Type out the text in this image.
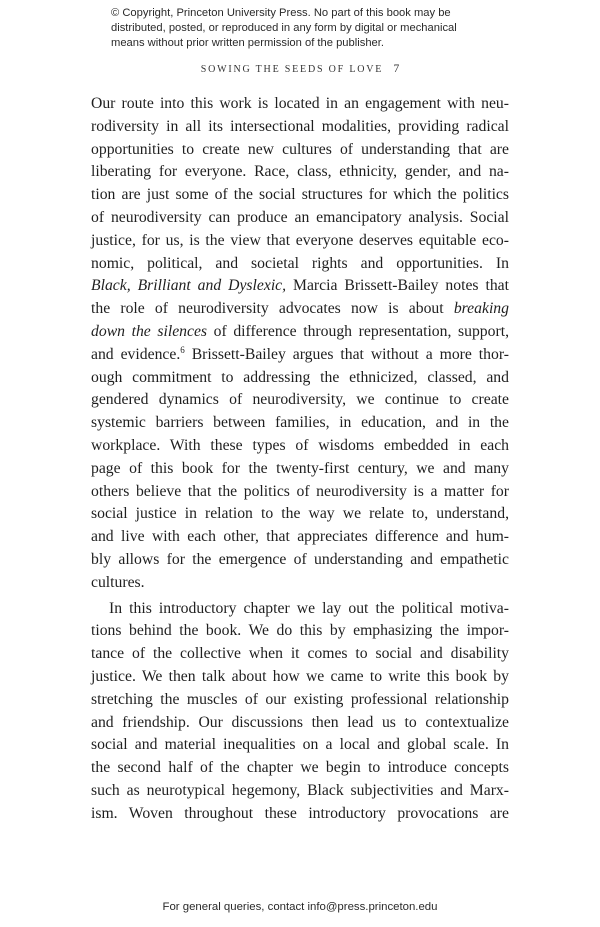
© Copyright, Princeton University Press. No part of this book may be
distributed, posted, or reproduced in any form by digital or mechanical
means without prior written permission of the publisher.
SOWING THE SEEDS OF LOVE 7
Our route into this work is located in an engagement with neu-
rodiversity in all its intersectional modalities, providing radical
opportunities to create new cultures of understanding that are
liberating for everyone. Race, class, ethnicity, gender, and na-
tion are just some of the social structures for which the politics
of neurodiversity can produce an emancipatory analysis. Social
justice, for us, is the view that everyone deserves equitable eco-
nomic, political, and societal rights and opportunities. In
Black, Brilliant and Dyslexic, Marcia Brissett-Bailey notes that
the role of neurodiversity advocates now is about breaking
down the silences of difference through representation, support,
and evidence.$^6$ Brissett-Bailey argues that without a more thor-
ough commitment to addressing the ethnicized, classed, and
gendered dynamics of neurodiversity, we continue to create
systemic barriers between families, in education, and in the
workplace. With these types of wisdoms embedded in each
page of this book for the twenty-first century, we and many
others believe that the politics of neurodiversity is a matter for
social justice in relation to the way we relate to, understand,
and live with each other, that appreciates difference and hum-
bly allows for the emergence of understanding and empathetic
cultures.
In this introductory chapter we lay out the political motiva-
tions behind the book. We do this by emphasizing the impor-
tance of the collective when it comes to social and disability
justice. We then talk about how we came to write this book by
stretching the muscles of our existing professional relationship
and friendship. Our discussions then lead us to contextualize
social and material inequalities on a local and global scale. In
the second half of the chapter we begin to introduce concepts
such as neurotypical hegemony, Black subjectivities and Marx-
ism. Woven throughout these introductory provocations are
For general queries, contact info@press.princeton.edu
